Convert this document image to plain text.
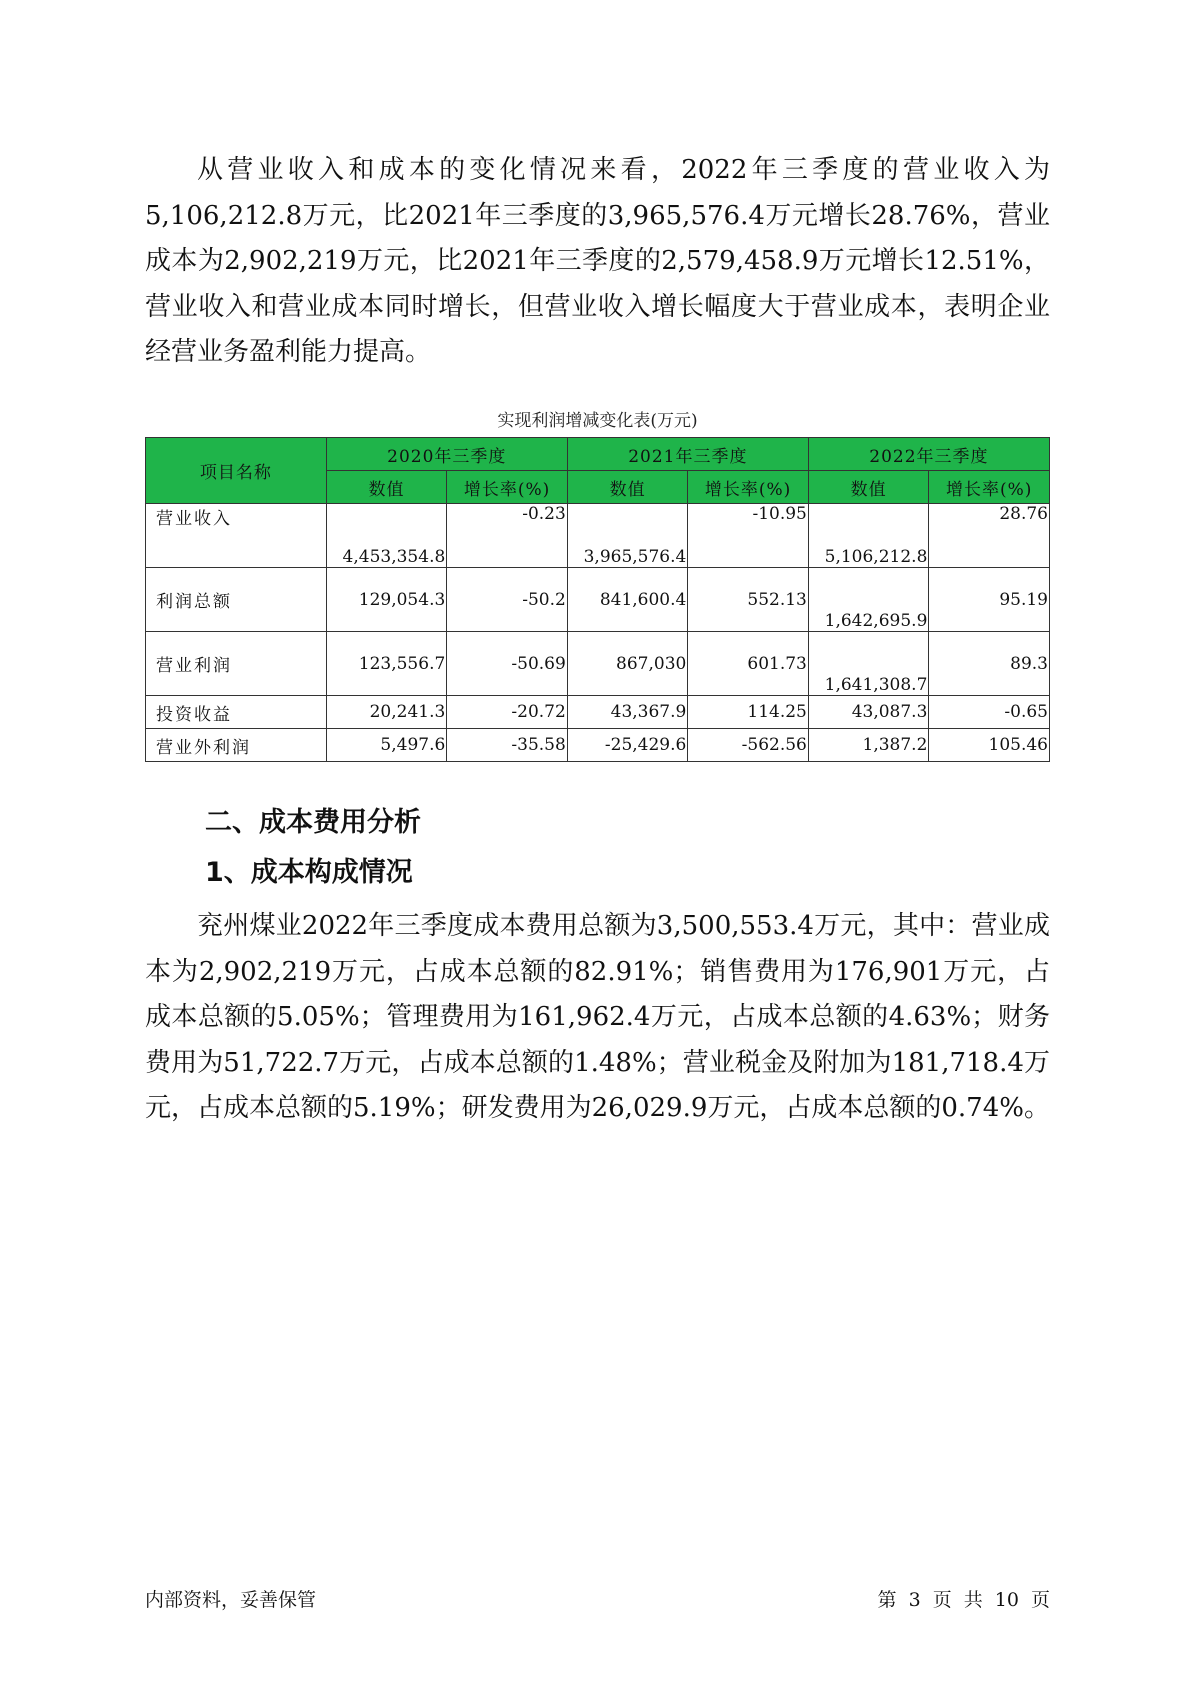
从营业收入和成本的变化情况来看，2022年三季度的营业收入为5,106,212.8万元，比2021年三季度的3,965,576.4万元增长28.76%，营业成本为2,902,219万元，比2021年三季度的2,579,458.9万元增长12.51%，营业收入和营业成本同时增长，但营业收入增长幅度大于营业成本，表明企业经营业务盈利能力提高。

实现利润增减变化表(万元)
项目名称	2020年三季度		2021年三季度		2022年三季度	
	数值	增长率(%)	数值	增长率(%)	数值	增长率(%)
营业收入	4,453,354.8	-0.23	3,965,576.4	-10.95	5,106,212.8	28.76
利润总额	129,054.3	-50.2	841,600.4	552.13	1,642,695.9	95.19
营业利润	123,556.7	-50.69	867,030	601.73	1,641,308.7	89.3
投资收益	20,241.3	-20.72	43,367.9	114.25	43,087.3	-0.65
营业外利润	5,497.6	-35.58	-25,429.6	-562.56	1,387.2	105.46
二、成本费用分析
1、成本构成情况

兖州煤业2022年三季度成本费用总额为3,500,553.4万元，其中：营业成本为2,902,219万元，占成本总额的82.91%；销售费用为176,901万元，占成本总额的5.05%；管理费用为161,962.4万元，占成本总额的4.63%；财务费用为51,722.7万元，占成本总额的1.48%；营业税金及附加为181,718.4万元，占成本总额的5.19%；研发费用为26,029.9万元，占成本总额的0.74%。

内部资料，妥善保管	第 3 页 共 10 页
